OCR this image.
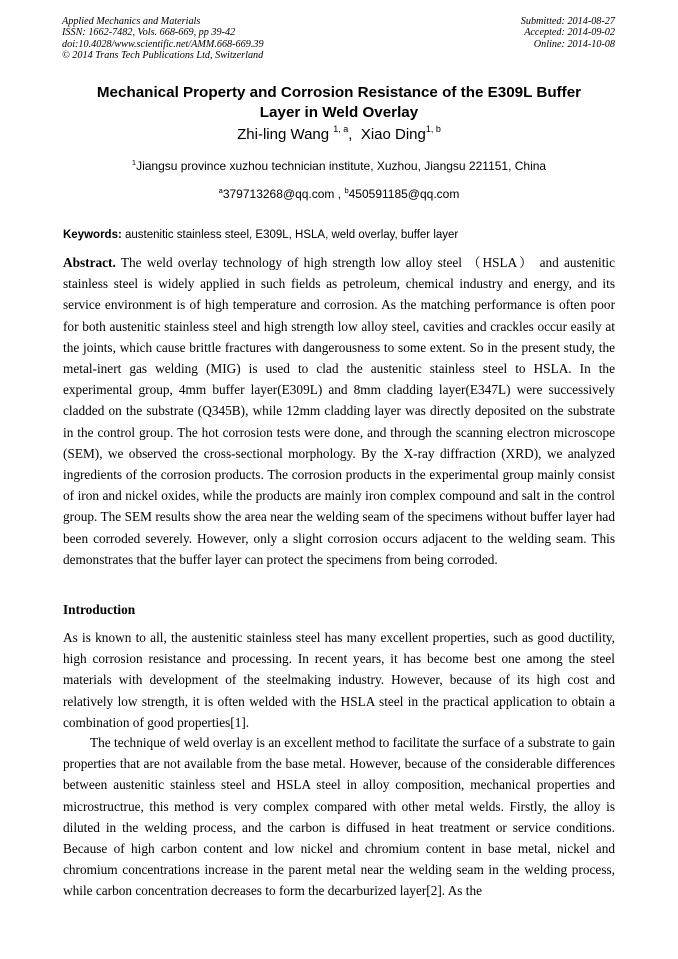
Applied Mechanics and Materials
ISSN: 1662-7482, Vols. 668-669, pp 39-42
doi:10.4028/www.scientific.net/AMM.668-669.39
© 2014 Trans Tech Publications Ltd, Switzerland
Submitted: 2014-08-27
Accepted: 2014-09-02
Online: 2014-10-08
Mechanical Property and Corrosion Resistance of the E309L Buffer
Layer in Weld Overlay
Zhi-ling Wang $^{1, a}$, Xiao Ding$^{1, b}$
$^1$Jiangsu province xuzhou technician institute, Xuzhou, Jiangsu 221151, China
$^a$379713268@qq.com , $^b$450591185@qq.com
Keywords: austenitic stainless steel, E309L, HSLA, weld overlay, buffer layer

Abstract. The weld overlay technology of high strength low alloy steel （HSLA） and austenitic stainless steel is widely applied in such fields as petroleum, chemical industry and energy, and its service environment is of high temperature and corrosion. As the matching performance is often poor for both austenitic stainless steel and high strength low alloy steel, cavities and crackles occur easily at the joints, which cause brittle fractures with dangerousness to some extent. So in the present study, the metal-inert gas welding (MIG) is used to clad the austenitic stainless steel to HSLA. In the experimental group, 4mm buffer layer(E309L) and 8mm cladding layer(E347L) were successively cladded on the substrate (Q345B), while 12mm cladding layer was directly deposited on the substrate in the control group. The hot corrosion tests were done, and through the scanning electron microscope (SEM), we observed the cross-sectional morphology. By the X-ray diffraction (XRD), we analyzed ingredients of the corrosion products. The corrosion products in the experimental group mainly consist of iron and nickel oxides, while the products are mainly iron complex compound and salt in the control group. The SEM results show the area near the welding seam of the specimens without buffer layer had been corroded severely. However, only a slight corrosion occurs adjacent to the welding seam. This demonstrates that the buffer layer can protect the specimens from being corroded.

Introduction

As is known to all, the austenitic stainless steel has many excellent properties, such as good ductility, high corrosion resistance and processing. In recent years, it has become best one among the steel materials with development of the steelmaking industry. However, because of its high cost and relatively low strength, it is often welded with the HSLA steel in the practical application to obtain a combination of good properties[1].

The technique of weld overlay is an excellent method to facilitate the surface of a substrate to gain properties that are not available from the base metal. However, because of the considerable differences between austenitic stainless steel and HSLA steel in alloy composition, mechanical properties and microstructrue, this method is very complex compared with other metal welds. Firstly, the alloy is diluted in the welding process, and the carbon is diffused in heat treatment or service conditions. Because of high carbon content and low nickel and chromium content in base metal, nickel and chromium concentrations increase in the parent metal near the welding seam in the welding process, while carbon concentration decreases to form the decarburized layer[2]. As the
